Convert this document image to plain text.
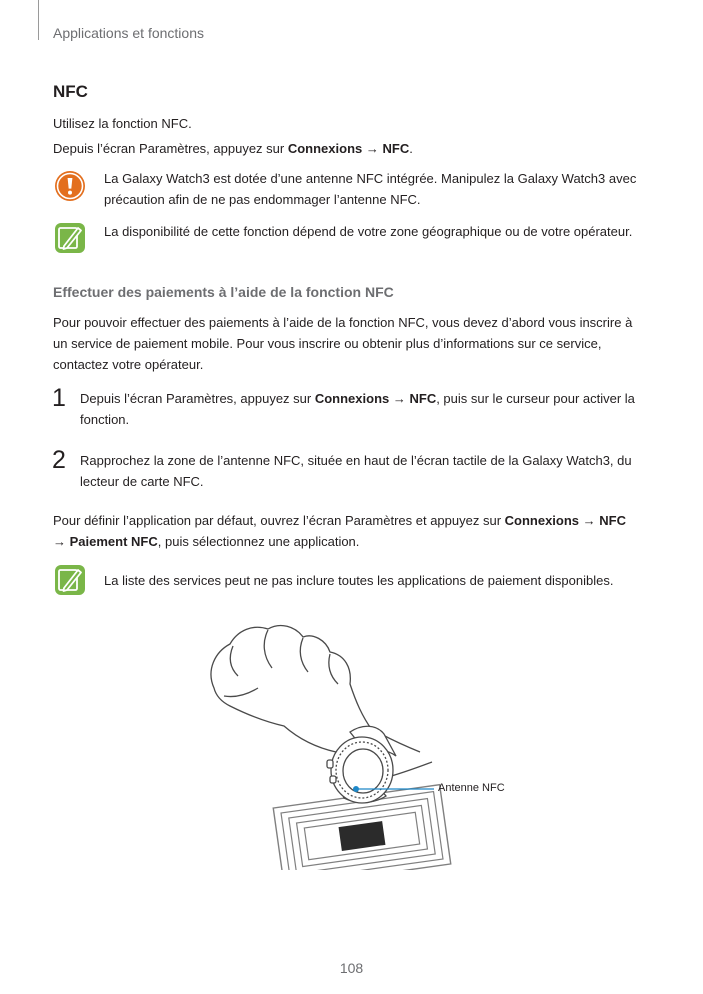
Applications et fonctions
NFC
Utilisez la fonction NFC.
Depuis l’écran Paramètres, appuyez sur Connexions → NFC.
La Galaxy Watch3 est dotée d’une antenne NFC intégrée. Manipulez la Galaxy Watch3 avec précaution afin de ne pas endommager l’antenne NFC.
La disponibilité de cette fonction dépend de votre zone géographique ou de votre opérateur.
Effectuer des paiements à l’aide de la fonction NFC
Pour pouvoir effectuer des paiements à l’aide de la fonction NFC, vous devez d’abord vous inscrire à un service de paiement mobile. Pour vous inscrire ou obtenir plus d’informations sur ce service, contactez votre opérateur.
1 Depuis l’écran Paramètres, appuyez sur Connexions → NFC, puis sur le curseur pour activer la fonction.
2 Rapprochez la zone de l’antenne NFC, située en haut de l’écran tactile de la Galaxy Watch3, du lecteur de carte NFC.
Pour définir l’application par défaut, ouvrez l’écran Paramètres et appuyez sur Connexions → NFC
→ Paiement NFC, puis sélectionnez une application.
La liste des services peut ne pas inclure toutes les applications de paiement disponibles.
Antenne NFC
108
